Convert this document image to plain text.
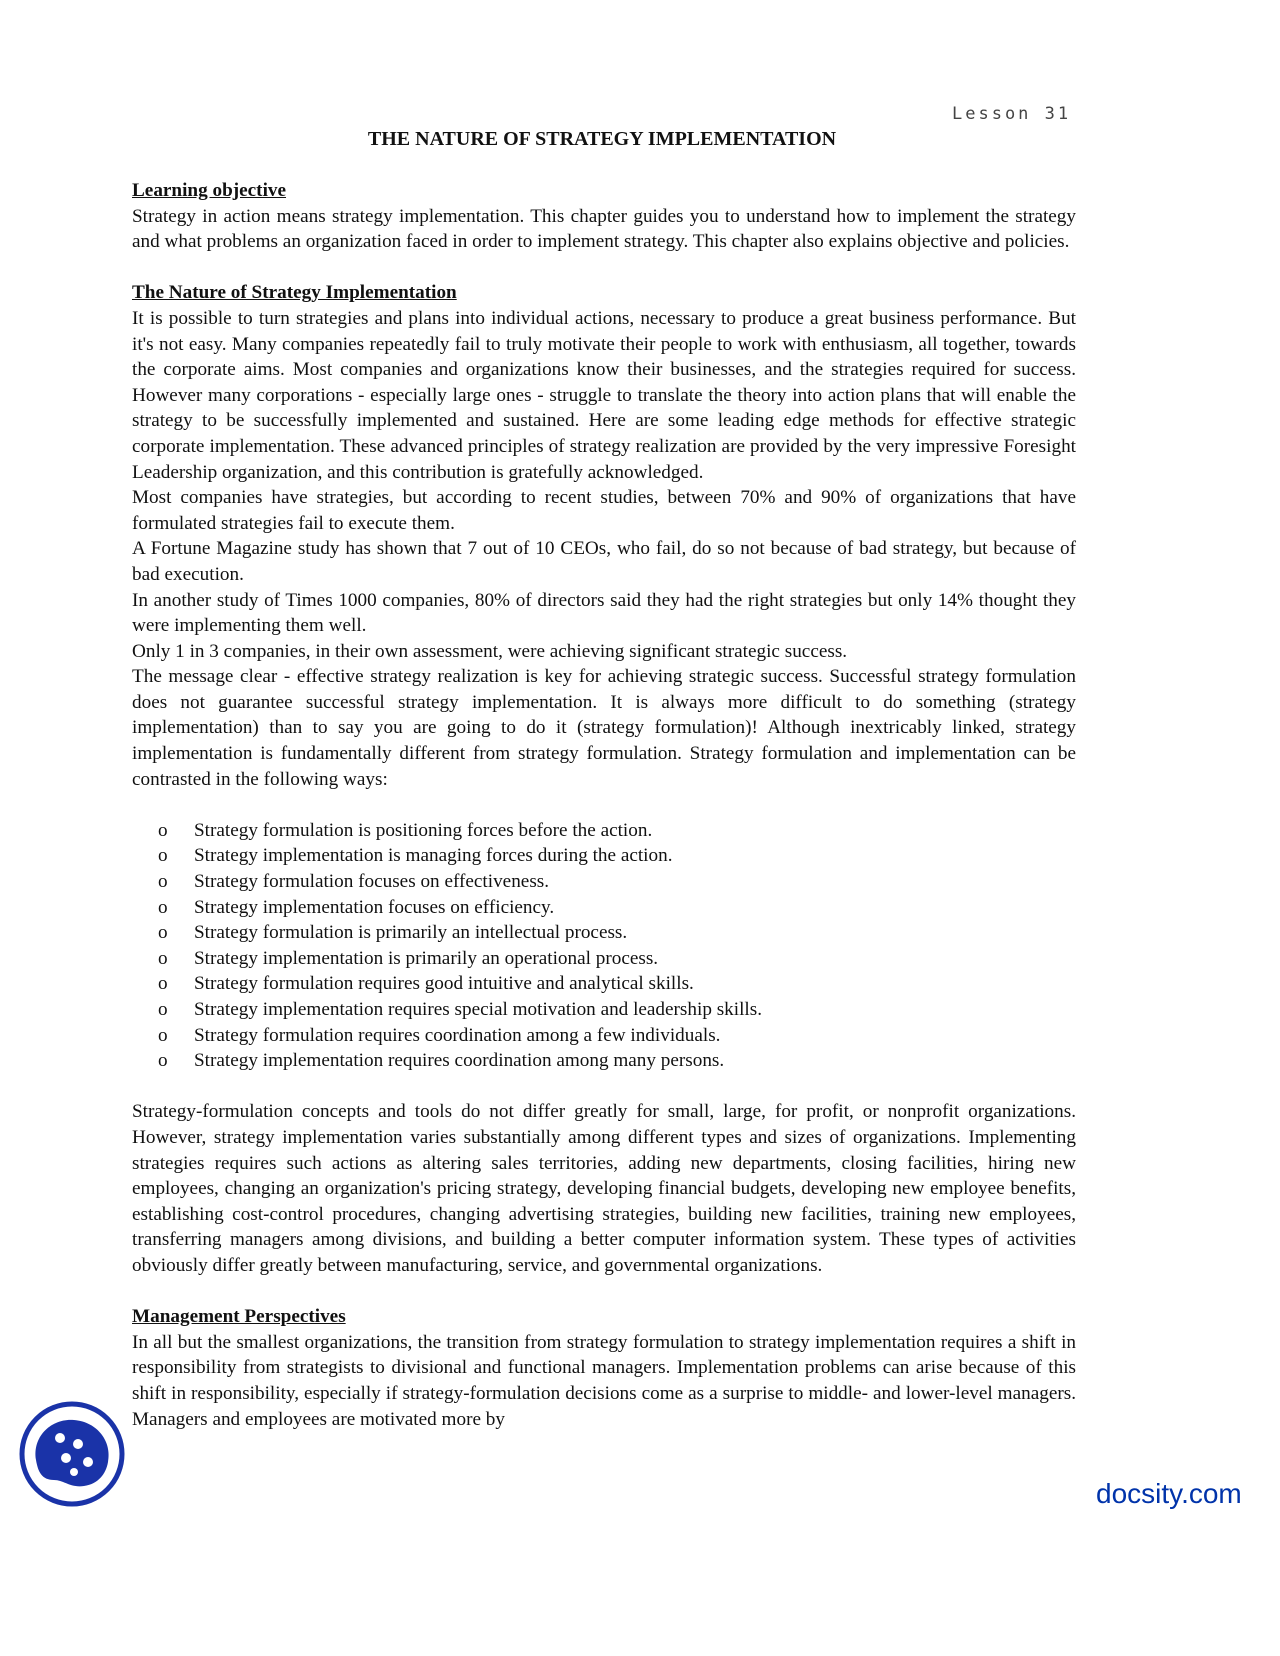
Lesson 31
THE NATURE OF STRATEGY IMPLEMENTATION

Learning objective

Strategy in action means strategy implementation. This chapter guides you to understand how to implement the strategy and what problems an organization faced in order to implement strategy. This chapter also explains objective and policies.

The Nature of Strategy Implementation

It is possible to turn strategies and plans into individual actions, necessary to produce a great business performance. But it's not easy. Many companies repeatedly fail to truly motivate their people to work with enthusiasm, all together, towards the corporate aims. Most companies and organizations know their businesses, and the strategies required for success. However many corporations - especially large ones - struggle to translate the theory into action plans that will enable the strategy to be successfully implemented and sustained. Here are some leading edge methods for effective strategic corporate implementation. These advanced principles of strategy realization are provided by the very impressive Foresight Leadership organization, and this contribution is gratefully acknowledged.

Most companies have strategies, but according to recent studies, between 70% and 90% of organizations that have formulated strategies fail to execute them.

A Fortune Magazine study has shown that 7 out of 10 CEOs, who fail, do so not because of bad strategy, but because of bad execution.

In another study of Times 1000 companies, 80% of directors said they had the right strategies but only 14% thought they were implementing them well.

Only 1 in 3 companies, in their own assessment, were achieving significant strategic success.

The message clear - effective strategy realization is key for achieving strategic success. Successful strategy formulation does not guarantee successful strategy implementation. It is always more difficult to do something (strategy implementation) than to say you are going to do it (strategy formulation)! Although inextricably linked, strategy implementation is fundamentally different from strategy formulation. Strategy formulation and implementation can be contrasted in the following ways:

o	Strategy formulation is positioning forces before the action.
o	Strategy implementation is managing forces during the action.
o	Strategy formulation focuses on effectiveness.
o	Strategy implementation focuses on efficiency.
o	Strategy formulation is primarily an intellectual process.
o	Strategy implementation is primarily an operational process.
o	Strategy formulation requires good intuitive and analytical skills.
o	Strategy implementation requires special motivation and leadership skills.
o	Strategy formulation requires coordination among a few individuals.
o	Strategy implementation requires coordination among many persons.

Strategy-formulation concepts and tools do not differ greatly for small, large, for profit, or nonprofit organizations. However, strategy implementation varies substantially among different types and sizes of organizations. Implementing strategies requires such actions as altering sales territories, adding new departments, closing facilities, hiring new employees, changing an organization's pricing strategy, developing financial budgets, developing new employee benefits, establishing cost-control procedures, changing advertising strategies, building new facilities, training new employees, transferring managers among divisions, and building a better computer information system. These types of activities obviously differ greatly between manufacturing, service, and governmental organizations.

Management Perspectives

In all but the smallest organizations, the transition from strategy formulation to strategy implementation requires a shift in responsibility from strategists to divisional and functional managers. Implementation problems can arise because of this shift in responsibility, especially if strategy-formulation decisions come as a surprise to middle- and lower-level managers. Managers and employees are motivated more by

docsity.com
